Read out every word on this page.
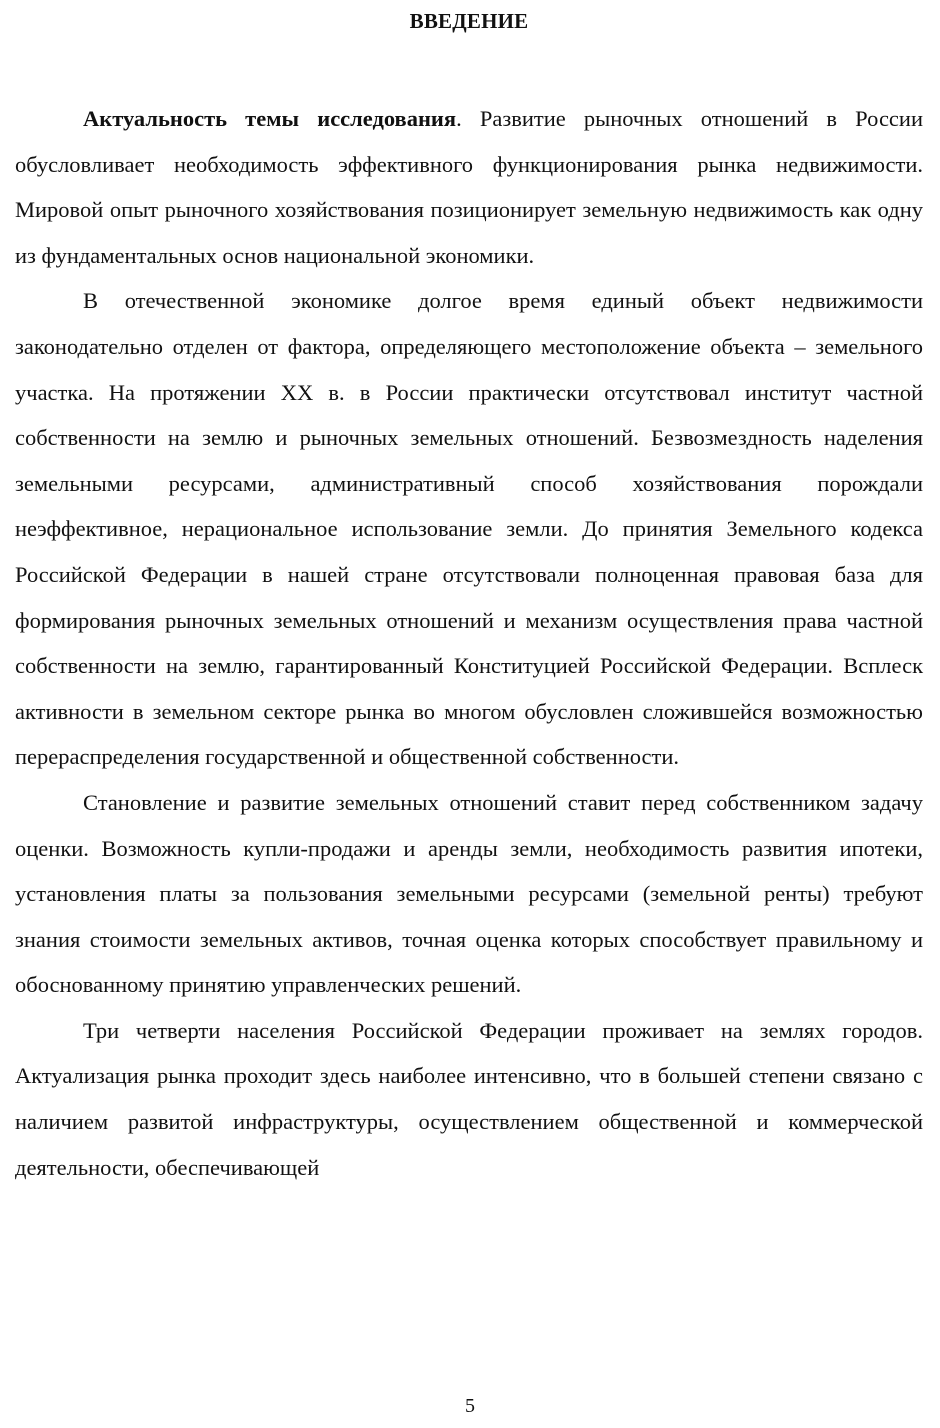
ВВЕДЕНИЕ

Актуальность темы исследования. Развитие рыночных отношений в России обусловливает необходимость эффективного функционирования рынка недвижимости. Мировой опыт рыночного хозяйствования позиционирует земельную недвижимость как одну из фундаментальных основ национальной экономики.

В отечественной экономике долгое время единый объект недвижимости законодательно отделен от фактора, определяющего местоположение объекта – земельного участка. На протяжении XX в. в России практически отсутствовал институт частной собственности на землю и рыночных земельных отношений. Безвозмездность наделения земельными ресурсами, административный способ хозяйствования порождали неэффективное, нерациональное использование земли. До принятия Земельного кодекса Российской Федерации в нашей стране отсутствовали полноценная правовая база для формирования рыночных земельных отношений и механизм осуществления права частной собственности на землю, гарантированный Конституцией Российской Федерации. Всплеск активности в земельном секторе рынка во многом обусловлен сложившейся возможностью перераспределения государственной и общественной собственности.

Становление и развитие земельных отношений ставит перед собственником задачу оценки. Возможность купли-продажи и аренды земли, необходимость развития ипотеки, установления платы за пользования земельными ресурсами (земельной ренты) требуют знания стоимости земельных активов, точная оценка которых способствует правильному и обоснованному принятию управленческих решений.

Три четверти населения Российской Федерации проживает на землях городов. Актуализация рынка проходит здесь наиболее интенсивно, что в большей степени связано с наличием развитой инфраструктуры, осуществлением общественной и коммерческой деятельности, обеспечивающей

5
